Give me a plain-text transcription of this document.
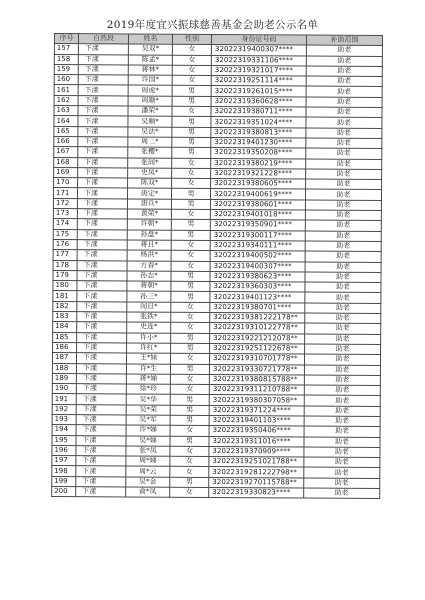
2019年度宜兴振球慈善基金会助老公示名单
序号	自然段	姓名	性别	身份证号码	补助范围
157	下漾	吴双*	女	32022319400307****	助老
158	下漾	陈孟*	女	32022319331106****	助老
159	下漾	蒋林*	女	32022319321017****	助老
160	下漾	许国*	女	32022319251114****	助老
161	下漾	周虎*	男	32022319261015****	助老
162	下漾	周顺*	男	32022319360628****	助老
163	下漾	潘荣*	女	32022319380711****	助老
164	下漾	吴顺*	男	32022319351024****	助老
165	下漾	吴法*	男	32022319380813****	助老
166	下漾	周二*	男	32022319401230****	助老
167	下漾	张樱*	男	32022319350208****	助老
168	下漾	张同*	女	32022319380219****	助老
169	下漾	史凤*	女	32022319321228****	助老
170	下漾	陈双*	女	32022319380605****	助老
171	下漾	唐定*	男	32022319400619****	助老
172	下漾	唐兵*	男	32022319380601****	助老
173	下漾	黄荣*	女	32022319401018****	助老
174	下漾	许朝*	男	32022319350901****	助老
175	下漾	孙盘*	男	32022319300117****	助老
176	下漾	蒋且*	女	32022319340111****	助老
177	下漾	杨洪*	女	32022319400502****	助老
178	下漾	方春*	女	32022319400307****	助老
179	下漾	孙志*	男	32022319380623****	助老
180	下漾	蒋朝*	男	32022319360303****	助老
181	下漾	孙三*	男	32022319401123****	助老
182	下漾	闵旦*	女	32022319380701****	助老
183	下漾	张铁*	女	32022319381222178**	助老
184	下漾	史连*	女	32022319310122778**	助老
185	下漾	许小*	男	32022319221212078**	助老
186	下漾	许红*	男	32022319251122678**	助老
187	下漾	王*妹	女	32022319310701778**	助老
188	下漾	许*生	男	32022319330721778**	助老
189	下漾	蒋*娣	女	32022319380815788**	助老
190	下漾	徐*珍	女	32022319311210788**	助老
191	下漾	吴*华	男	32022319380307058**	助老
192	下漾	吴*荣	男	32022319371224****	助老
193	下漾	吴*军	男	32022319401103****	助老
194	下漾	许*娣	女	32022319350406****	助老
195	下漾	吴*娣	男	32022319311016****	助老
196	下漾	张*凤	女	32022319370909****	助老
197	下漾	周*娣	女	32022319251021788**	助老
198	下漾	周*云	女	32022319281222798**	助老
199	下漾	吴*金	男	32022319270115788**	助老
200	下漾	俞*凤	女	32022319330823****	助老
